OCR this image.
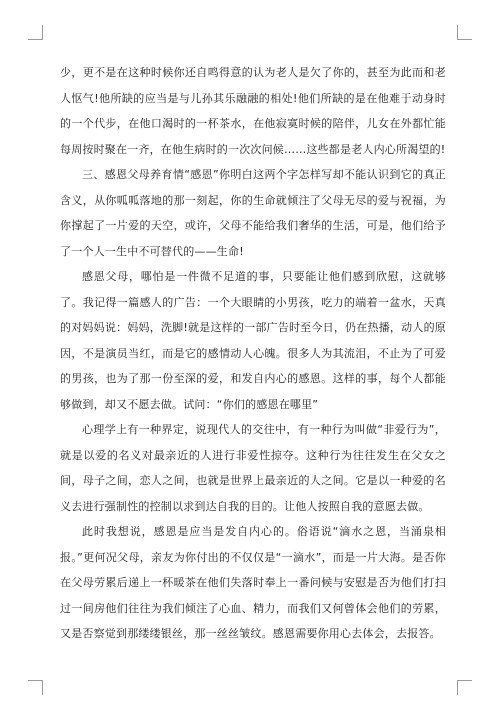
少，更不是在这种时候你还自鸣得意的认为老人是欠了你的，甚至为此而和老人怄气!他所缺的应当是与儿孙其乐融融的相处!他们所缺的是在他难于动身时的一个代步，在他口渴时的一杯茶水，在他寂寞时候的陪伴，儿女在外都忙能每周按时聚在一齐，在他生病时的一次次问候……这些都是老人内心所渴望的!

三、感恩父母养育情“感恩”你明白这两个字怎样写却不能认识到它的真正含义，从你呱呱落地的那一刻起，你的生命就倾注了父母无尽的爱与祝福，为你撑起了一片爱的天空，或许，父母不能给我们奢华的生活，可是，他们给予了一个人一生中不可替代的——生命!

感恩父母，哪怕是一件微不足道的事，只要能让他们感到欣慰，这就够了。我记得一篇感人的广告：一个大眼睛的小男孩，吃力的端着一盆水，天真的对妈妈说：妈妈，洗脚!就是这样的一部广告时至今日，仍在热播，动人的原因，不是演员当红，而是它的感情动人心魄。很多人为其流泪，不止为了可爱的男孩，也为了那一份至深的爱，和发自内心的感恩。这样的事，每个人都能够做到，却又不愿去做。试问：“你们的感恩在哪里”

心理学上有一种界定，说现代人的交往中，有一种行为叫做“非爱行为”，就是以爱的名义对最亲近的人进行非爱性掠夺。这种行为往往发生在父女之间，母子之间，恋人之间，也就是世界上最亲近的人之间。它是以一种爱的名义去进行强制性的控制以求到达自我的目的。让他人按照自我的意愿去做。

此时我想说，感恩是应当是发自内心的。俗语说“滴水之恩，当涌泉相报。”更何况父母，亲友为你付出的不仅仅是“一滴水”，而是一片大海。是否你在父母劳累后递上一杯暖茶在他们失落时奉上一番问候与安慰是否为他们打扫过一间房他们往往为我们倾注了心血、精力，而我们又何曾体会他们的劳累，又是否察觉到那缕缕银丝，那一丝丝皱纹。感恩需要你用心去体会，去报答。
